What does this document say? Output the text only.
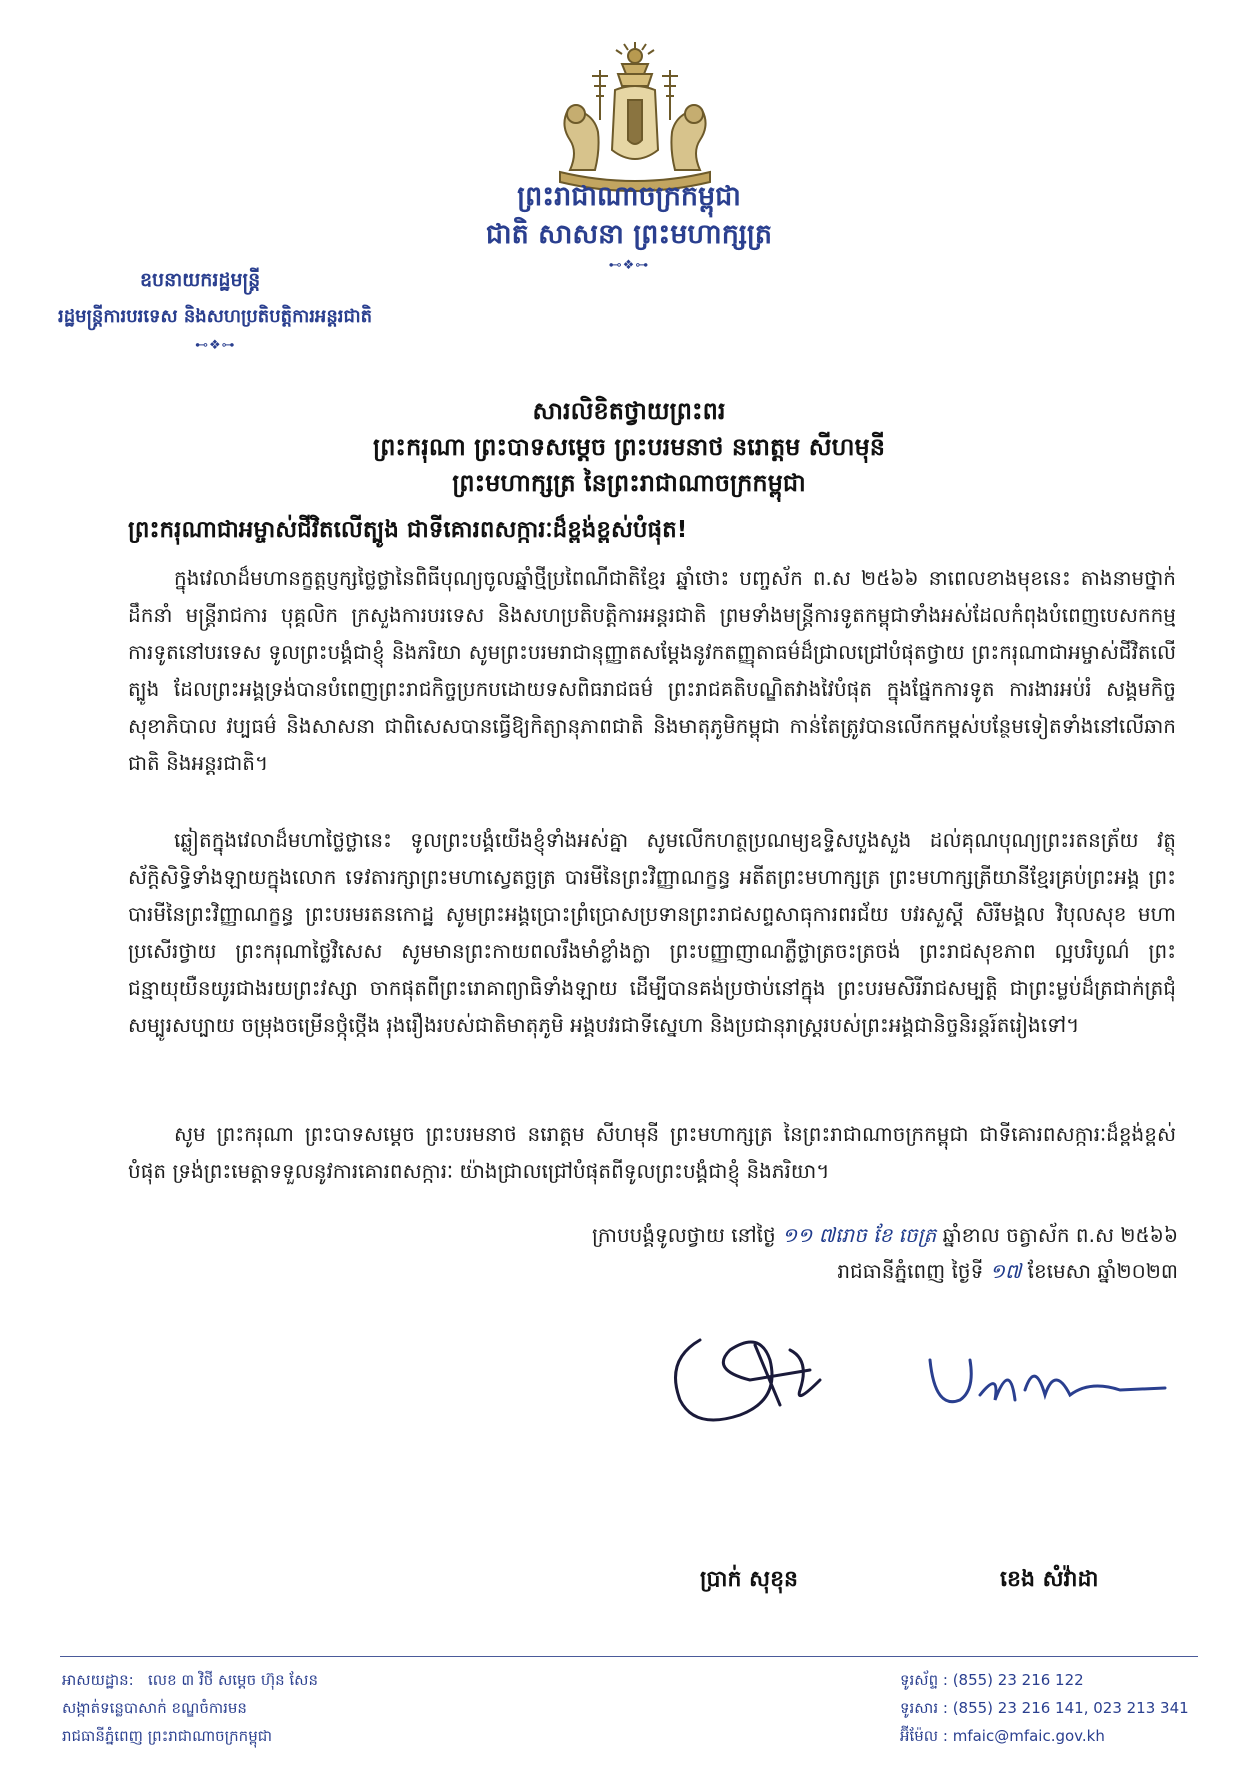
ព្រះរាជាណាចក្រកម្ពុជា
ជាតិ សាសនា ព្រះមហាក្សត្រ
⊷❖⊶
ឧបនាយករដ្ឋមន្ត្រី
រដ្ឋមន្ត្រីការបរទេស និងសហប្រតិបត្តិការអន្តរជាតិ
⊷❖⊶
សារលិខិតថ្វាយព្រះពរ
ព្រះករុណា ព្រះបាទសម្ដេច ព្រះបរមនាថ នរោត្ដម សីហមុនី
ព្រះមហាក្សត្រ នៃព្រះរាជាណាចក្រកម្ពុជា
ព្រះករុណាជាអម្ចាស់ជីវិតលើត្បូង ជាទីគោរពសក្ការៈដ៏ខ្ពង់ខ្ពស់បំផុត!
ក្នុងវេលាដ៏មហានក្ខត្តប្ញក្សថ្លៃថ្លានៃពិធីបុណ្យចូលឆ្នាំថ្មីប្រពៃណីជាតិខ្មែរ ឆ្នាំថោះ បញ្ចស័ក ព.ស ២៥៦៦ នាពេលខាងមុខនេះ តាងនាមថ្នាក់ដឹកនាំ មន្ត្រីរាជការ បុគ្គលិក ក្រសួងការបរទេស និងសហប្រតិបត្តិការអន្តរជាតិ ព្រមទាំងមន្ត្រីការទូតកម្ពុជាទាំងអស់ដែលកំពុងបំពេញបេសកកម្មការទូតនៅបរទេស ទូលព្រះបង្គំជាខ្ញុំ និងភរិយា សូមព្រះបរមរាជានុញ្ញាតសម្ដែងនូវកតញ្ញុតាធម៌ដ៏ជ្រាលជ្រៅបំផុតថ្វាយ ព្រះករុណាជាអម្ចាស់ជីវិតលើត្បូង ដែលព្រះអង្គទ្រង់បានបំពេញព្រះរាជកិច្ចប្រកបដោយទសពិធរាជធម៌ ព្រះរាជគតិបណ្ឌិតវាងវៃបំផុត ក្នុងផ្នែកការទូត ការងារអប់រំ សង្គមកិច្ច សុខាភិបាល វប្បធម៌ និងសាសនា ជាពិសេសបានធ្វើឱ្យកិត្យានុភាពជាតិ និងមាតុភូមិកម្ពុជា កាន់តែត្រូវបានលើកកម្ពស់បន្ថែមទៀតទាំងនៅលើឆាកជាតិ និងអន្តរជាតិ។
ឆ្លៀតក្នុងវេលាដ៏មហាថ្លៃថ្លានេះ ទូលព្រះបង្គំយើងខ្ញុំទាំងអស់គ្នា សូមលើកហត្ថប្រណម្យឧទ្ទិសបួងសួង ដល់គុណបុណ្យព្រះរតនត្រ័យ វត្ថុស័ក្ដិសិទ្ធិទាំងឡាយក្នុងលោក ទេវតារក្សាព្រះមហាស្វេតច្ឆត្រ បារមីនៃព្រះវិញ្ញាណក្ខន្ធ អតីតព្រះមហាក្សត្រ ព្រះមហាក្សត្រីយានីខ្មែរគ្រប់ព្រះអង្គ ព្រះបារមីនៃព្រះវិញ្ញាណក្ខន្ធ ព្រះបរមរតនកោដ្ឋ សូមព្រះអង្គប្រោះព្រំប្រោសប្រទានព្រះរាជសព្ទសាធុការពរជ័យ បវរសួស្ដី សិរីមង្គល វិបុលសុខ មហាប្រសើរថ្វាយ ព្រះករុណាថ្លៃវិសេស សូមមានព្រះកាយពលរឹងមាំខ្លាំងក្លា ព្រះបញ្ញាញាណភ្លឺថ្លាត្រចះត្រចង់ ព្រះរាជសុខភាព ល្អបរិបូណ៌ ព្រះជន្មាយុយឺនយូរជាងរយព្រះវស្សា ចាកផុតពីព្រះរោគាព្យាធិទាំងឡាយ ដើម្បីបានគង់ប្រថាប់នៅក្នុង ព្រះបរមសិរីរាជសម្បត្តិ ជាព្រះម្លប់ដ៏ត្រជាក់ត្រជុំ សម្បូរសប្បាយ ចម្រុងចម្រើនថ្កុំថ្កើង រុងរឿងរបស់ជាតិមាតុភូមិ អង្គបវរជាទីស្នេហា និងប្រជានុរាស្ត្ររបស់ព្រះអង្គជានិច្ចនិរន្តរ៍តរៀងទៅ។
សូម ព្រះករុណា ព្រះបាទសម្ដេច ព្រះបរមនាថ នរោត្ដម សីហមុនី ព្រះមហាក្សត្រ នៃព្រះរាជាណាចក្រកម្ពុជា ជាទីគោរពសក្ការៈដ៏ខ្ពង់ខ្ពស់បំផុត ទ្រង់ព្រះមេត្តាទទួលនូវការគោរពសក្ការៈ យ៉ាងជ្រាលជ្រៅបំផុតពីទូលព្រះបង្គំជាខ្ញុំ និងភរិយា។
ក្រាបបង្គំទូលថ្វាយ នៅថ្ងៃ ១១ ៧រោច ខែ ចេត្រ ឆ្នាំខាល ចត្វាស័ក ព.ស ២៥៦៦
រាជធានីភ្នំពេញ ថ្ងៃទី ១៧ ខែមេសា ឆ្នាំ២០២៣
ប្រាក់ សុខុន	ខេង សំវ៉ាដា
អាសយដ្ឋាន: លេខ ៣ វិថី សម្ដេច ហ៊ុន សែន
សង្កាត់ទន្លេបាសាក់ ខណ្ឌចំការមន
រាជធានីភ្នំពេញ ព្រះរាជាណាចក្រកម្ពុជា
ទូរស័ព្ទ : (855) 23 216 122
ទូរសារ : (855) 23 216 141, 023 213 341
អ៊ីម៉ែល : mfaic@mfaic.gov.kh
